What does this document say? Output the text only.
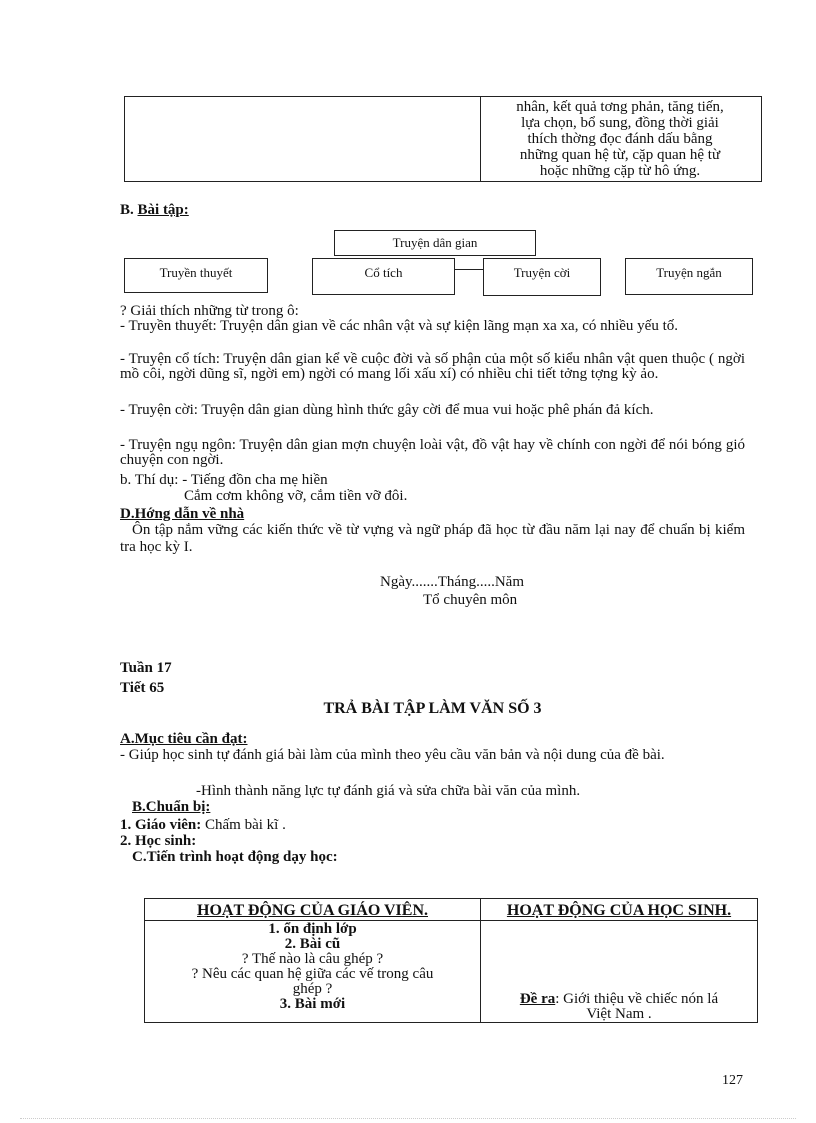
nhân, kết quả tơng phản, tăng tiến,
lựa chọn, bổ sung, đồng thời giải
thích thờng đọc đánh dấu bằng
những quan hệ từ, cặp quan hệ từ
hoặc những cặp từ hô ứng.
B. Bài tập:
Truyện dân gian
Truyền thuyết	Cổ tích	Truyện cời	Truyện ngắn
? Giải thích những từ trong ô:
- Truyền thuyết: Truyện dân gian về các nhân vật và sự kiện lãng mạn xa xa, có nhiều yếu tố.
- Truyện cổ tích: Truyện dân gian kể về cuộc đời và số phận của một số kiểu nhân vật quen thuộc ( ngời mồ côi, ngời dũng sĩ, ngời em) ngời có mang lối xấu xí) có nhiều chi tiết tởng tợng kỳ ảo.
- Truyện cời: Truyện dân gian dùng hình thức gây cời để mua vui hoặc phê phán đả kích.
- Truyện ngụ ngôn: Truyện dân gian mợn chuyện loài vật, đồ vật hay về chính con ngời để nói bóng gió chuyện con ngời.
b. Thí dụ: - Tiếng đồn cha mẹ hiền
Cắm cơm không vỡ, cắm tiền vỡ đôi.
D.Hớng dẫn về nhà
Ôn tập nắm vững các kiến thức về từ vựng và ngữ pháp đã học từ đầu năm lại nay để chuẩn bị kiểm tra học kỳ I.
Ngày.......Tháng.....Năm
Tổ chuyên môn
Tuần 17
Tiết 65
TRẢ BÀI TẬP LÀM VĂN SỐ 3
A.Mục tiêu cần đạt:
- Giúp học sinh tự đánh giá bài làm của mình theo yêu cầu văn bản và nội dung của đề bài.
-Hình thành năng lực tự đánh giá và sửa chữa bài văn của mình.
B.Chuẩn bị:
1. Giáo viên: Chấm bài kĩ .
2. Học sinh:
C.Tiến trình hoạt động dạy học:
HOẠT ĐỘNG CỦA GIÁO VIÊN.	HOẠT ĐỘNG CỦA HỌC SINH.
1. ổn định lớp
2. Bài cũ
? Thế nào là câu ghép ?
? Nêu các quan hệ giữa các vế trong câu
ghép ?
3. Bài mới	Đề ra: Giới thiệu về chiếc nón lá
Việt Nam .
127
